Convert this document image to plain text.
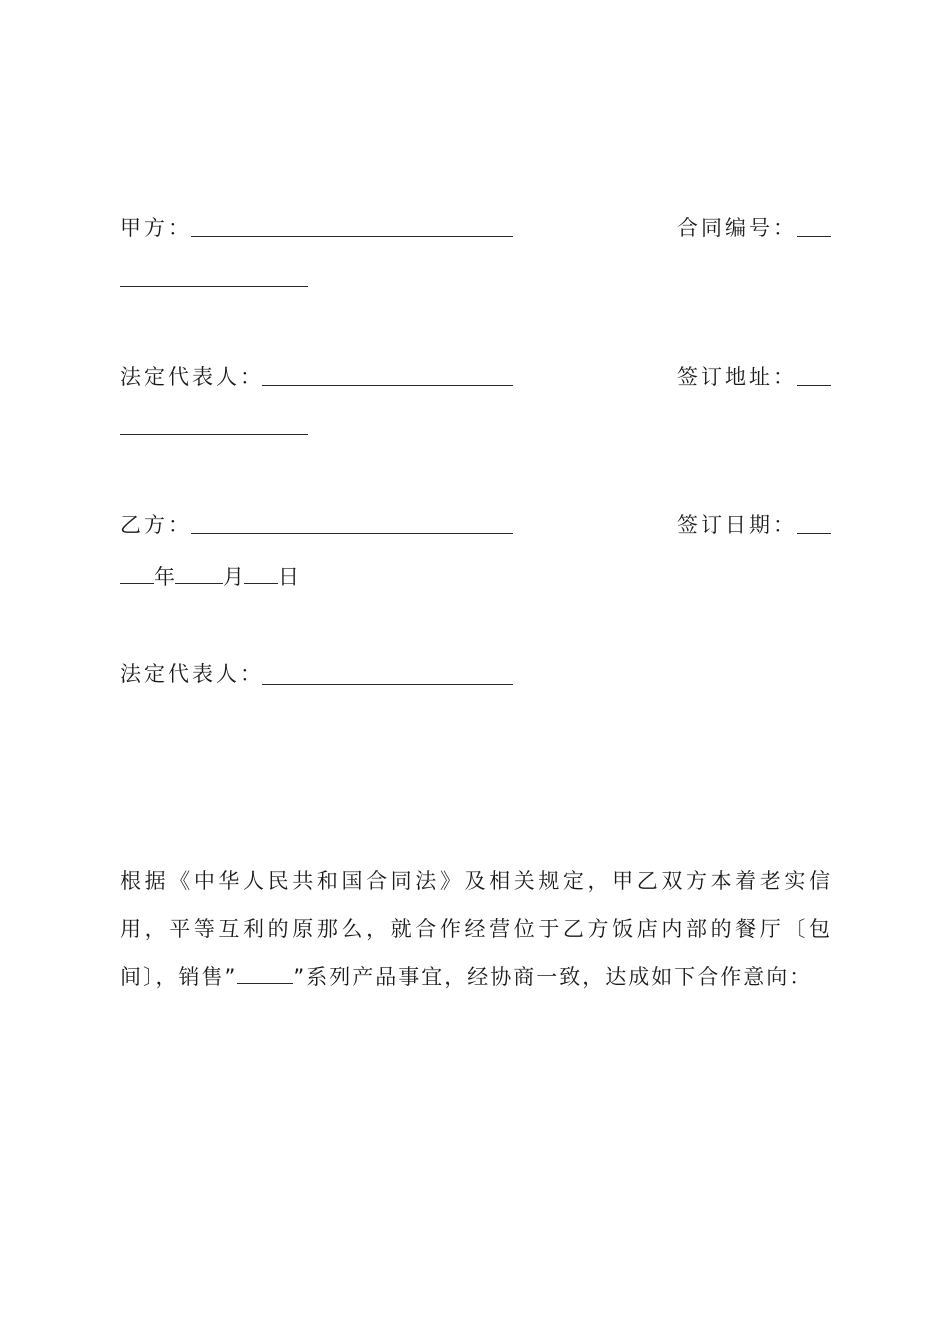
甲方：	合同编号：
法定代表人：	签订地址：
乙方：	签订日期：
年 月 日
法定代表人：
根据《中华人民共和国合同法》及相关规定，甲乙双方本着老实信用，平等互利的原那么，就合作经营位于乙方饭店内部的餐厅〔包间〕，销售”	”系列产品事宜，经协商一致，达成如下合作意向：
